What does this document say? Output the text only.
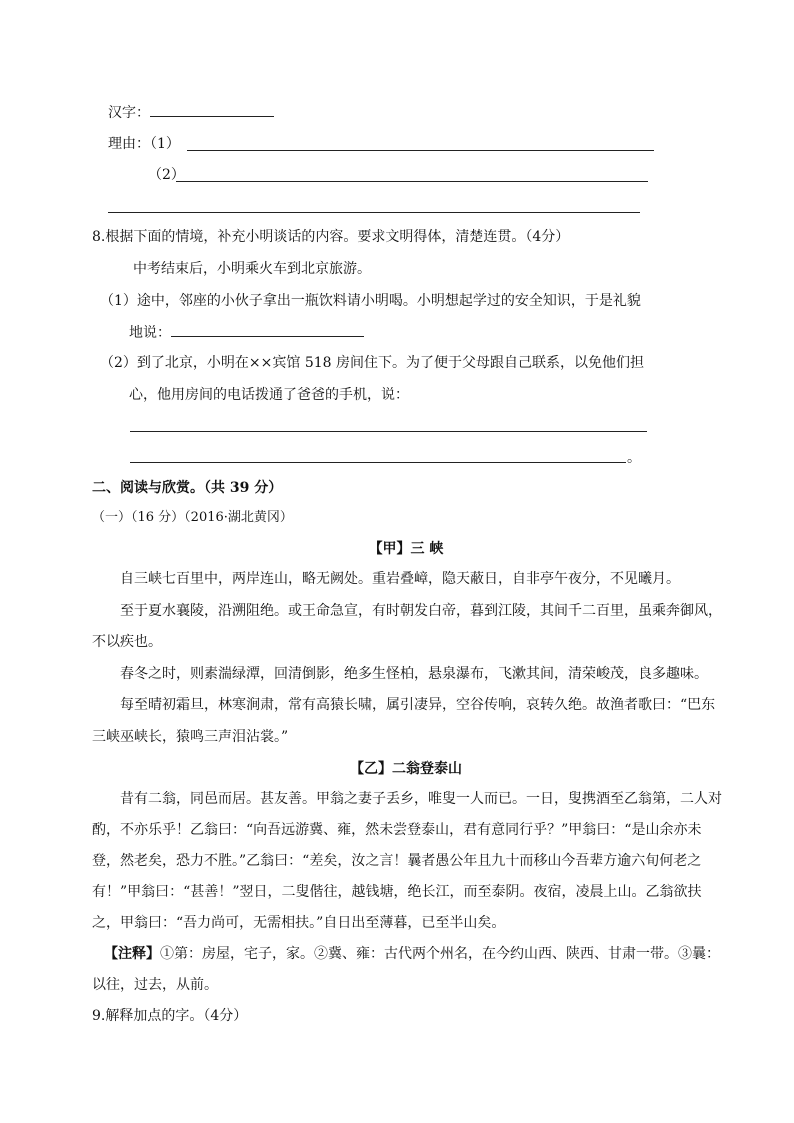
汉字：
理由：（1）
（2）
8.根据下面的情境，补充小明谈话的内容。要求文明得体，清楚连贯。（4分）
中考结束后，小明乘火车到北京旅游。
（1）途中，邻座的小伙子拿出一瓶饮料请小明喝。小明想起学过的安全知识，于是礼貌
地说：
（2）到了北京，小明在××宾馆 518 房间住下。为了便于父母跟自己联系，以免他们担
心，他用房间的电话拨通了爸爸的手机，说：
。
二、阅读与欣赏。（共 39 分）
（一）（16 分）（2016·湖北黄冈）
【甲】三 峡
自三峡七百里中，两岸连山，略无阙处。重岩叠嶂，隐天蔽日，自非亭午夜分，不见曦月。
至于夏水襄陵，沿溯阻绝。或王命急宣，有时朝发白帝，暮到江陵，其间千二百里，虽乘奔御风，
不以疾也。
春冬之时，则素湍绿潭，回清倒影，绝多生怪柏，悬泉瀑布，飞漱其间，清荣峻茂，良多趣味。
每至晴初霜旦，林寒涧肃，常有高猿长啸，属引凄异，空谷传响，哀转久绝。故渔者歌曰：“巴东
三峡巫峡长，猿鸣三声泪沾裳。”
【乙】二翁登泰山
昔有二翁，同邑而居。甚友善。甲翁之妻子丢乡，唯叟一人而已。一日，叟携酒至乙翁第，二人对
酌，不亦乐乎！乙翁曰：“向吾远游冀、雍，然未尝登泰山，君有意同行乎？”甲翁曰：“是山余亦未
登，然老矣，恐力不胜。”乙翁曰：“差矣，汝之言！曩者愚公年且九十而移山今吾辈方逾六旬何老之
有！”甲翁曰：“甚善！”翌日，二叟偕往，越钱塘，绝长江，而至泰阴。夜宿，凌晨上山。乙翁欲扶
之，甲翁曰：“吾力尚可，无需相扶。”自日出至薄暮，已至半山矣。
【注释】①第：房屋，宅子，家。②冀、雍：古代两个州名，在今约山西、陕西、甘肃一带。③曩：
以往，过去，从前。
9.解释加点的字。（4分）
